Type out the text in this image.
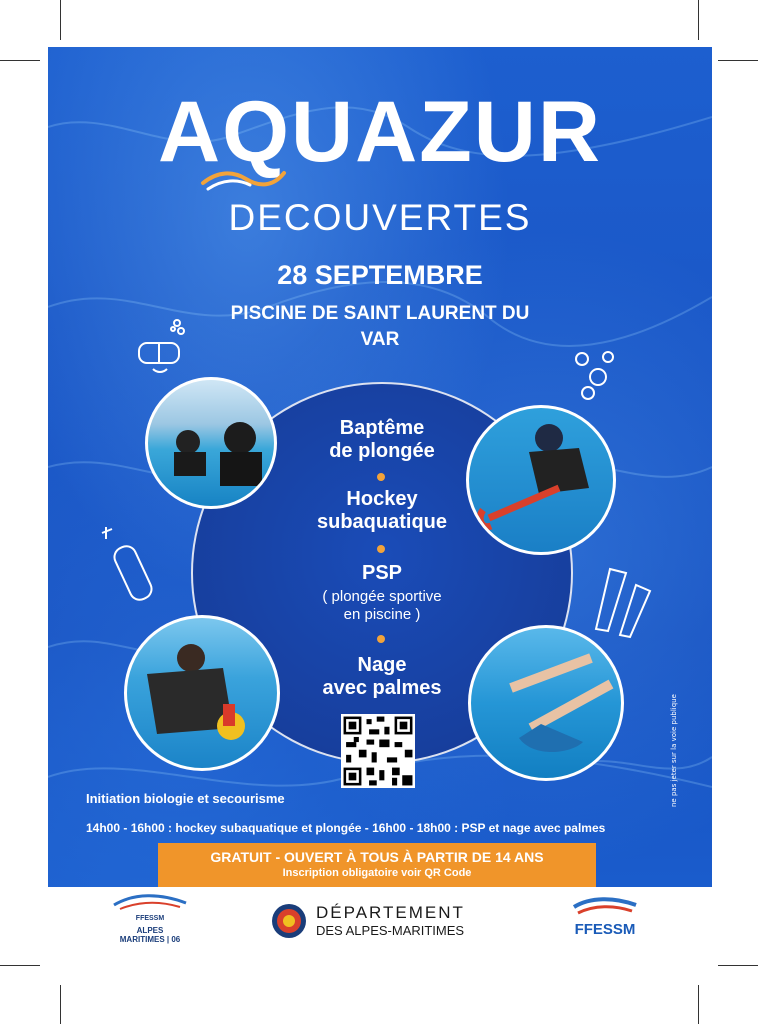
AQUAZUR
DECOUVERTES
28 SEPTEMBRE
PISCINE DE SAINT LAURENT DU VAR
Baptême
de plongée
Hockey
subaquatique
PSP
( plongée sportive
en piscine )
Nage
avec palmes
ne pas jeter sur la voie publique
Initiation biologie et secourisme
14h00 - 16h00 : hockey subaquatique et plongée - 16h00 - 18h00 : PSP et nage avec palmes
GRATUIT - OUVERT À TOUS À PARTIR DE 14 ANS
Inscription obligatoire voir QR Code
FFESSM
ALPES
MARITIMES | 06
DÉPARTEMENT
DES ALPES-MARITIMES	FFESSM
